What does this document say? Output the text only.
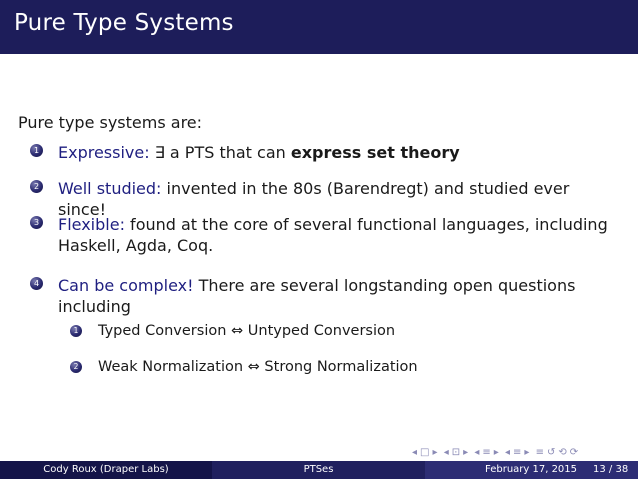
Pure Type Systems
Pure type systems are:
1 Expressive: ∃ a PTS that can express set theory
2 Well studied: invented in the 80s (Barendregt) and studied ever since!
3 Flexible: found at the core of several functional languages, including Haskell, Agda, Coq.
4 Can be complex! There are several longstanding open questions including
1 Typed Conversion ⇔ Untyped Conversion
2 Weak Normalization ⇔ Strong Normalization
◂ □ ▸ ◂ ⊡ ▸ ◂ ≡ ▸ ◂ ≡ ▸ ≡ ↺ ⟲ ⟳
Cody Roux (Draper Labs)	PTSes	February 17, 2015 13 / 38
